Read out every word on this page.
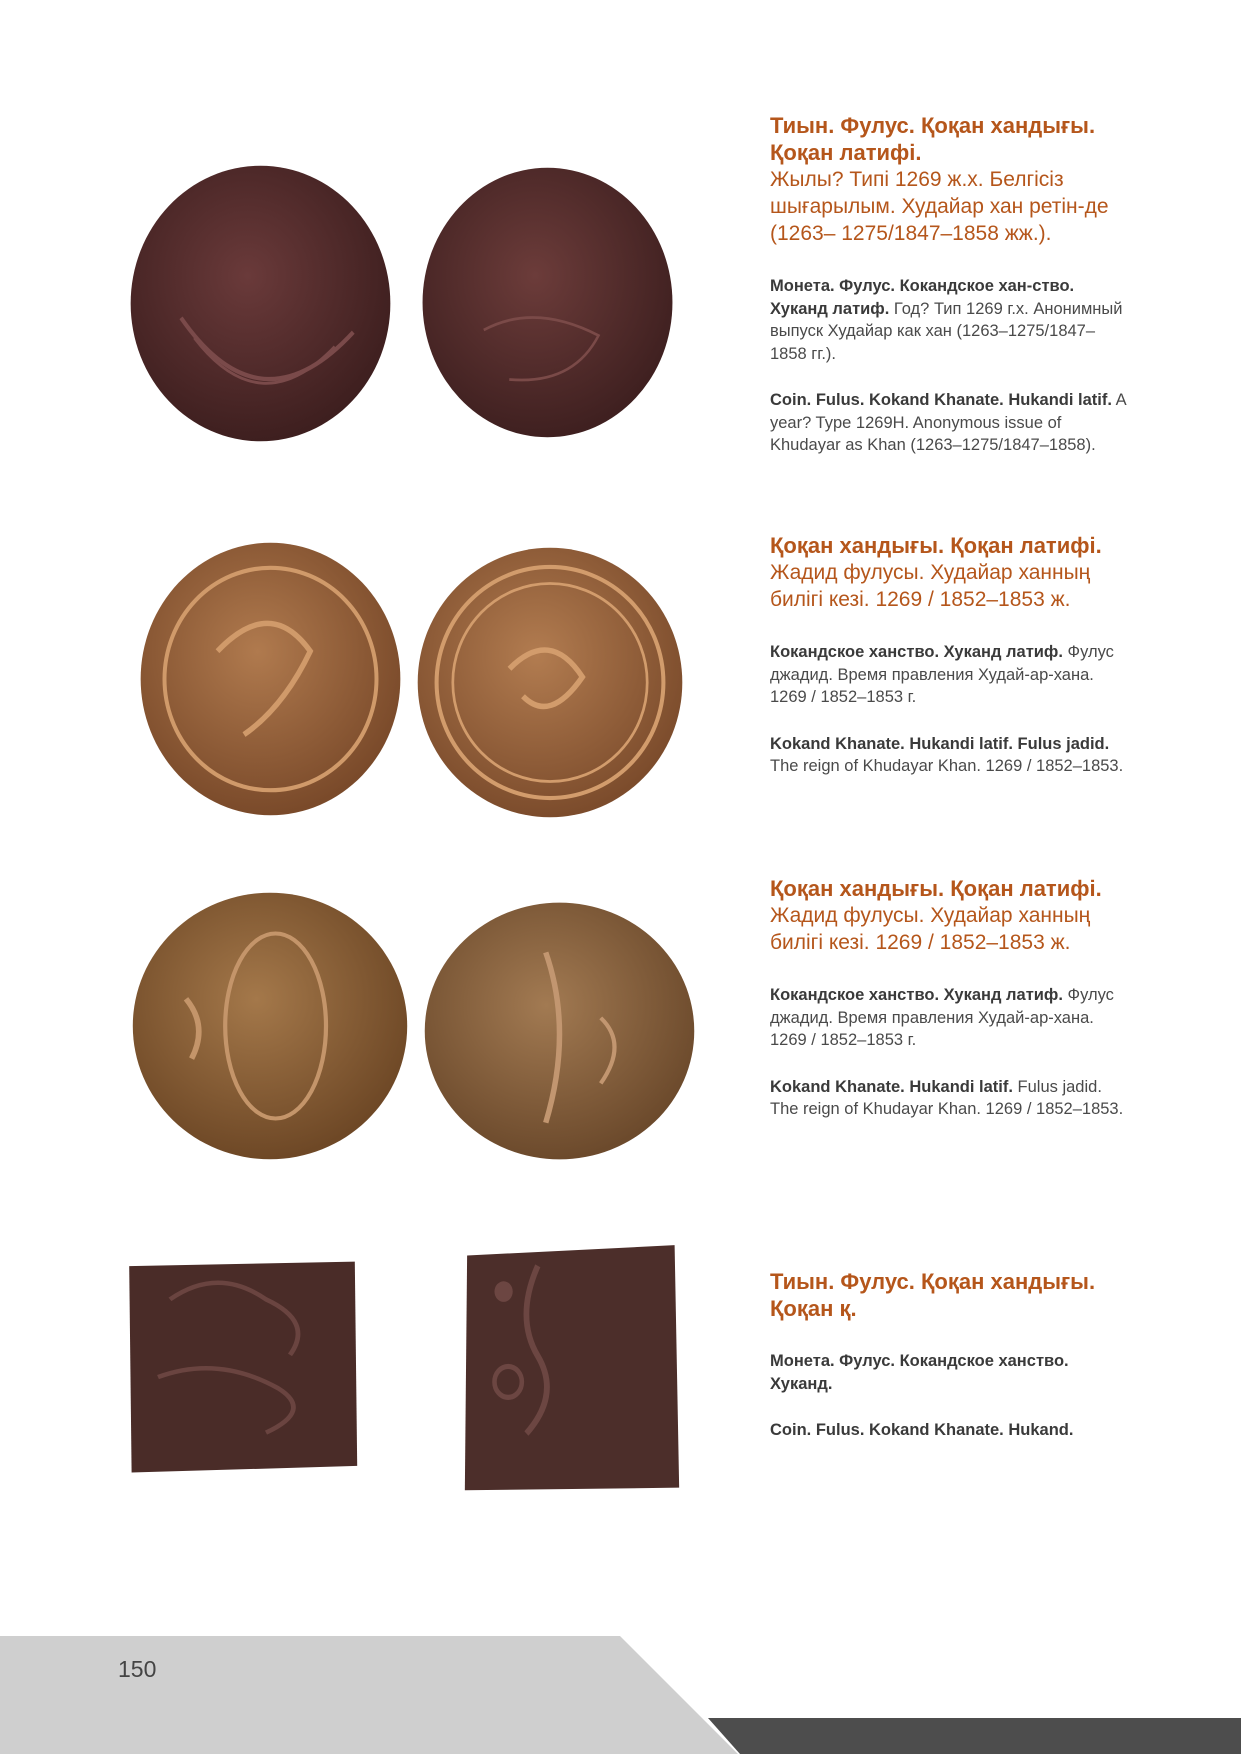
Тиын. Фулус. Қоқан хандығы. Қоқан латифі.

Жылы? Типі 1269 ж.х. Белгісіз шығарылым. Худайар хан ретін-де (1263– 1275/1847–1858 жж.).

Монета. Фулус. Кокандское хан-ство. Хуканд латиф. Год? Тип 1269 г.х. Анонимный выпуск Худайар как хан (1263–1275/1847–1858 гг.).

Coin. Fulus. Kokand Khanate. Hukandi latif. A year? Type 1269H. Anonymous issue of Khudayar as Khan (1263–1275/1847–1858).

Қоқан хандығы. Қоқан латифі.

Жадид фулусы. Худайар ханның билігі кезі. 1269 / 1852–1853 ж.

Кокандское ханство. Хуканд латиф. Фулус джадид. Время правления Худай-ар-хана. 1269 / 1852–1853 г.

Kokand Khanate. Hukandi latif. Fulus jadid. The reign of Khudayar Khan. 1269 / 1852–1853.

Қоқан хандығы. Қоқан латифі.

Жадид фулусы. Худайар ханның билігі кезі. 1269 / 1852–1853 ж.

Кокандское ханство. Хуканд латиф. Фулус джадид. Время правления Худай-ар-хана. 1269 / 1852–1853 г.

Kokand Khanate. Hukandi latif. Fulus jadid. The reign of Khudayar Khan. 1269 / 1852–1853.

Тиын. Фулус. Қоқан хандығы. Қоқан қ.

Монета. Фулус. Кокандское ханство. Хуканд.

Coin. Fulus. Kokand Khanate. Hukand.

150
